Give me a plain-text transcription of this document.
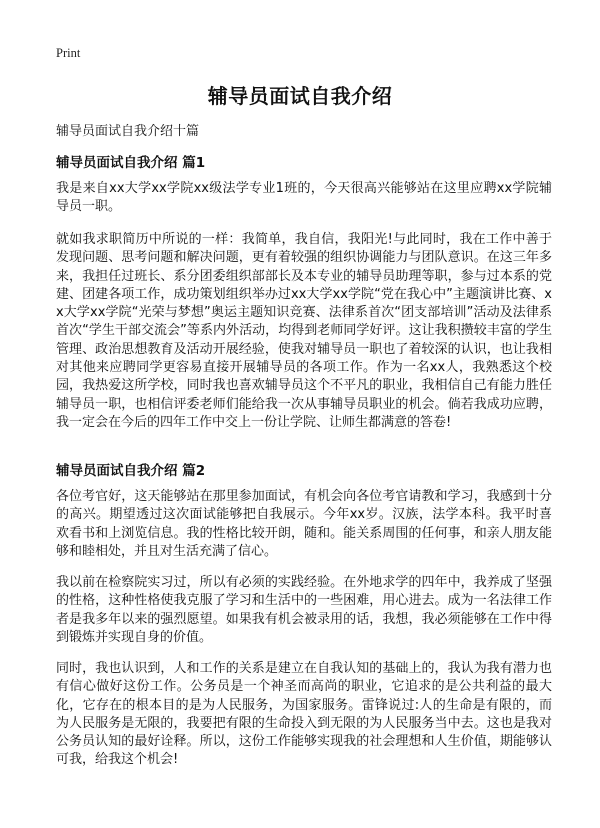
Print

辅导员面试自我介绍

辅导员面试自我介绍十篇

辅导员面试自我介绍 篇1

我是来自xx大学xx学院xx级法学专业1班的，今天很高兴能够站在这里应聘xx学院辅导员一职。

就如我求职简历中所说的一样：我简单，我自信，我阳光!与此同时，我在工作中善于发现问题、思考问题和解决问题，更有着较强的组织协调能力与团队意识。在这三年多来，我担任过班长、系分团委组织部部长及本专业的辅导员助理等职，参与过本系的党建、团建各项工作，成功策划组织举办过xx大学xx学院“党在我心中”主题演讲比赛、xx大学xx学院“光荣与梦想”奥运主题知识竞赛、法律系首次“团支部培训”活动及法律系首次“学生干部交流会”等系内外活动，均得到老师同学好评。这让我积攒较丰富的学生管理、政治思想教育及活动开展经验，使我对辅导员一职也了着较深的认识，也让我相对其他来应聘同学更容易直接开展辅导员的各项工作。作为一名xx人，我熟悉这个校园，我热爱这所学校，同时我也喜欢辅导员这个不平凡的职业，我相信自己有能力胜任辅导员一职，也相信评委老师们能给我一次从事辅导员职业的机会。倘若我成功应聘，我一定会在今后的四年工作中交上一份让学院、让师生都满意的答卷!

辅导员面试自我介绍 篇2

各位考官好，这天能够站在那里参加面试，有机会向各位考官请教和学习，我感到十分的高兴。期望透过这次面试能够把自我展示。今年xx岁。汉族，法学本科。我平时喜欢看书和上浏览信息。我的性格比较开朗，随和。能关系周围的任何事，和亲人朋友能够和睦相处，并且对生活充满了信心。

我以前在检察院实习过，所以有必须的实践经验。在外地求学的四年中，我养成了坚强的性格，这种性格使我克服了学习和生活中的一些困难，用心进去。成为一名法律工作者是我多年以来的强烈愿望。如果我有机会被录用的话，我想，我必须能够在工作中得到锻炼并实现自身的价值。

同时，我也认识到，人和工作的关系是建立在自我认知的基础上的，我认为我有潜力也有信心做好这份工作。公务员是一个神圣而高尚的职业，它追求的是公共利益的最大化，它存在的根本目的是为人民服务，为国家服务。雷锋说过:人的生命是有限的，而为人民服务是无限的，我要把有限的生命投入到无限的为人民服务当中去。这也是我对公务员认知的最好诠释。所以，这份工作能够实现我的社会理想和人生价值，期能够认可我，给我这个机会!
